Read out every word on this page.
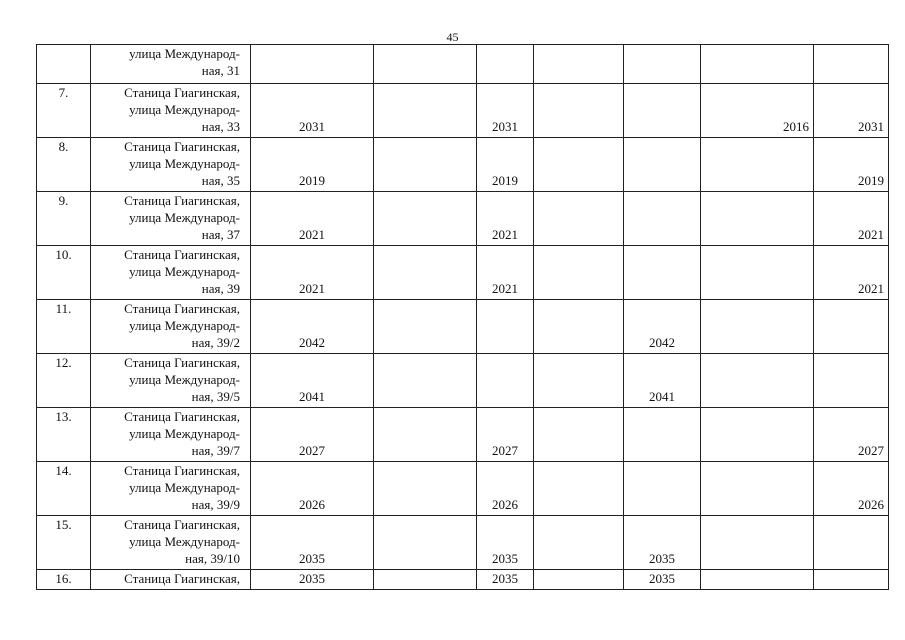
45

	улица Международ-
ная, 31							

7.	Станица Гиагинская,
улица Международ-
ная, 33	2031		2031			2016	2031
8.	Станица Гиагинская,
улица Международ-
ная, 35	2019		2019				2019
9.	Станица Гиагинская,
улица Международ-
ная, 37	2021		2021				2021
10.	Станица Гиагинская,
улица Международ-
ная, 39	2021		2021				2021
11.	Станица Гиагинская,
улица Международ-
ная, 39/2	2042				2042		
12.	Станица Гиагинская,
улица Международ-
ная, 39/5	2041				2041		
13.	Станица Гиагинская,
улица Международ-
ная, 39/7	2027		2027				2027
14.	Станица Гиагинская,
улица Международ-
ная, 39/9	2026		2026				2026
15.	Станица Гиагинская,
улица Международ-
ная, 39/10	2035		2035		2035		
16.	Станица Гиагинская,	2035		2035		2035		
